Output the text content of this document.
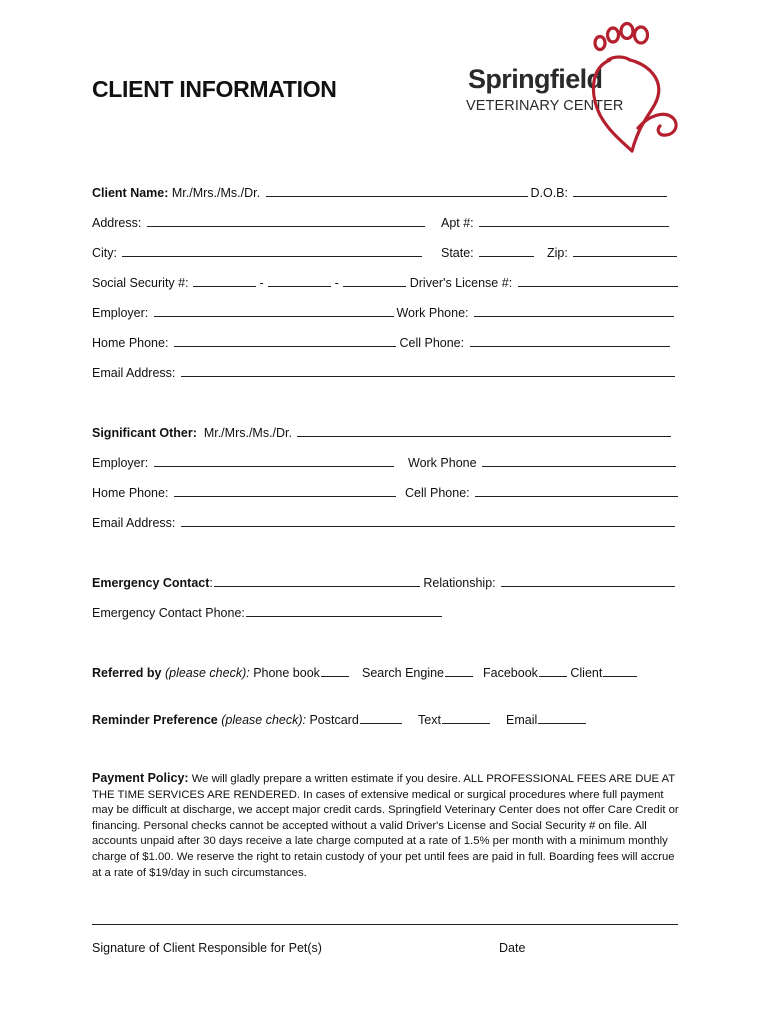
CLIENT INFORMATION	Springfield
VETERINARY CENTER
Client Name: Mr./Mrs./Ms./Dr.	D.O.B:
Address:	Apt #:
City:	State:	Zip:
Social Security #:	-	-	Driver's License #:
Employer:	Work Phone:
Home Phone:	Cell Phone:
Email Address:
Significant Other: Mr./Mrs./Ms./Dr.
Employer:	Work Phone
Home Phone:	Cell Phone:
Email Address:
Emergency Contact :	Relationship:
Emergency Contact Phone:
Referred by (please check): Phone book	Search Engine	Facebook Client
Reminder Preference (please check): Postcard	Text	Email
Payment Policy: We will gladly prepare a written estimate if you desire. ALL PROFESSIONAL FEES ARE DUE AT THE TIME SERVICES ARE RENDERED. In cases of extensive medical or surgical procedures where full payment may be difficult at discharge, we accept major credit cards. Springfield Veterinary Center does not offer Care Credit or financing. Personal checks cannot be accepted without a valid Driver's License and Social Security # on file. All accounts unpaid after 30 days receive a late charge computed at a rate of 1.5% per month with a minimum monthly charge of $1.00. We reserve the right to retain custody of your pet until fees are paid in full. Boarding fees will accrue at a rate of $19/day in such circumstances.
Signature of Client Responsible for Pet(s)	Date
